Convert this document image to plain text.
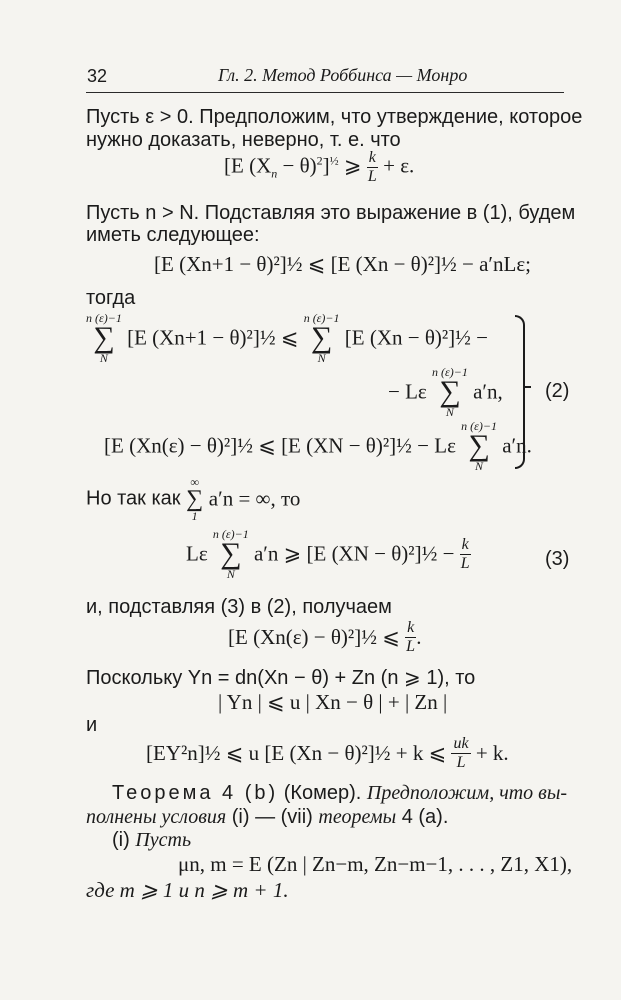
32	Гл. 2. Метод Роббинса — Монро
Пусть ε > 0. Предположим, что утверждение, которое
нужно доказать, неверно, т. е. что
[E $(X_n - \theta)^2]^{\frac{1}{2}}$ ⩾ $\frac{k}{L} + \varepsilon$.
Пусть n > N. Подставляя это выражение в (1), будем
иметь следующее:
[E (Xn+1 − θ)²]½ ⩽ [E (Xn − θ)²]½ − a′nLε;
тогда
n (ε)−1
∑
N
[E (Xn+1 − θ)²]½ ⩽
n (ε)−1
∑
N
[E (Xn − θ)²]½ −
− Lε
n (ε)−1
∑
N
a′n,
[E (Xn(ε) − θ)²]½ ⩽ [E (XN − θ)²]½ − Lε
n (ε)−1
∑
N
a′n.
(2)
Но так как
∞
∑
1
a′n = ∞, то
Lε
n (ε)−1
∑
N
a′n ⩾ [E (XN − θ)²]½ − $\frac{k}{L}$	(3)
и, подставляя (3) в (2), получаем
[E (Xn(ε) − θ)²]½ ⩽ $\frac{k}{L}$ .
Поскольку Yn = dn(Xn − θ) + Zn (n ⩾ 1), то
| Yn | ⩽ u | Xn − θ | + | Zn |
и
[EY²n]½ ⩽ u [E (Xn − θ)²]½ + k ⩽ $\frac{uk}{L} + k$.
Теорема 4 (b) (Комер). Предположим, что вы-
полнены условия (i) — (vii) теоремы 4 (a).
(i) Пусть
μn, m = E (Zn | Zn−m, Zn−m−1, . . . , Z1, X1),
где m ⩾ 1 и n ⩾ m + 1.
